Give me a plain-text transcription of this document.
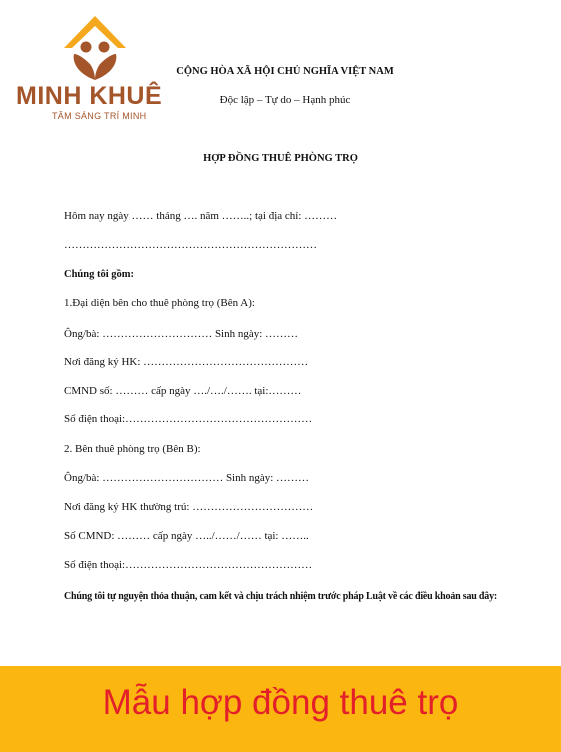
MINH KHUÊ
TÂM SÁNG TRÍ MINH
CỘNG HÒA XÃ HỘI CHỦ NGHĨA VIỆT NAM
Độc lập – Tự do – Hạnh phúc
HỢP ĐỒNG THUÊ PHÒNG TRỌ
Hôm nay ngày …… tháng …. năm ……..; tại địa chỉ: ………
……………………………………………………………
Chúng tôi gồm:
1.Đại diện bên cho thuê phòng trọ (Bên A):
Ông/bà: ………………………… Sinh ngày: ………
Nơi đăng ký HK: ………………………………………
CMND số: ……… cấp ngày …./…./……. tại:………
Số điện thoại:……………………………………………
2. Bên thuê phòng trọ (Bên B):
Ông/bà: …………………………… Sinh ngày: ………
Nơi đăng ký HK thường trú: ……………………………
Số CMND: ……… cấp ngày …../……/…… tại: ……..
Số điện thoại:……………………………………………
Chúng tôi tự nguyện thỏa thuận, cam kết và chịu trách nhiệm trước pháp Luật về các điều khoản sau đây:
Mẫu hợp đồng thuê trọ
